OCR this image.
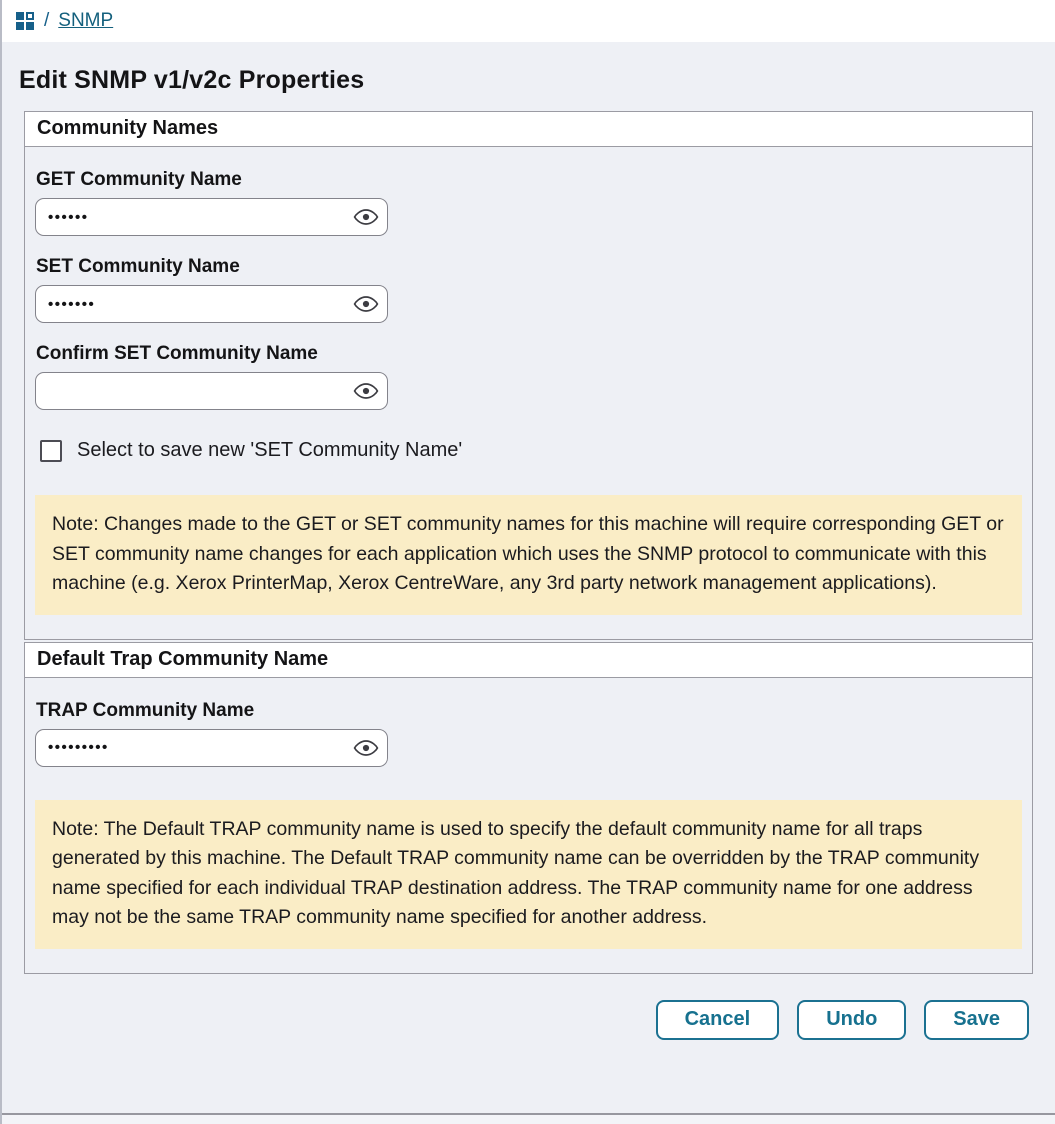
/ SNMP
Edit SNMP v1/v2c Properties
Community Names
GET Community Name
••••••
SET Community Name
•••••••
Confirm SET Community Name
Select to save new 'SET Community Name'
Note: Changes made to the GET or SET community names for this machine will require corresponding GET or SET community name changes for each application which uses the SNMP protocol to communicate with this machine (e.g. Xerox PrinterMap, Xerox CentreWare, any 3rd party network management applications).
Default Trap Community Name
TRAP Community Name
•••••••••
Note: The Default TRAP community name is used to specify the default community name for all traps generated by this machine. The Default TRAP community name can be overridden by the TRAP community name specified for each individual TRAP destination address. The TRAP community name for one address may not be the same TRAP community name specified for another address.
Cancel	Undo	Save
